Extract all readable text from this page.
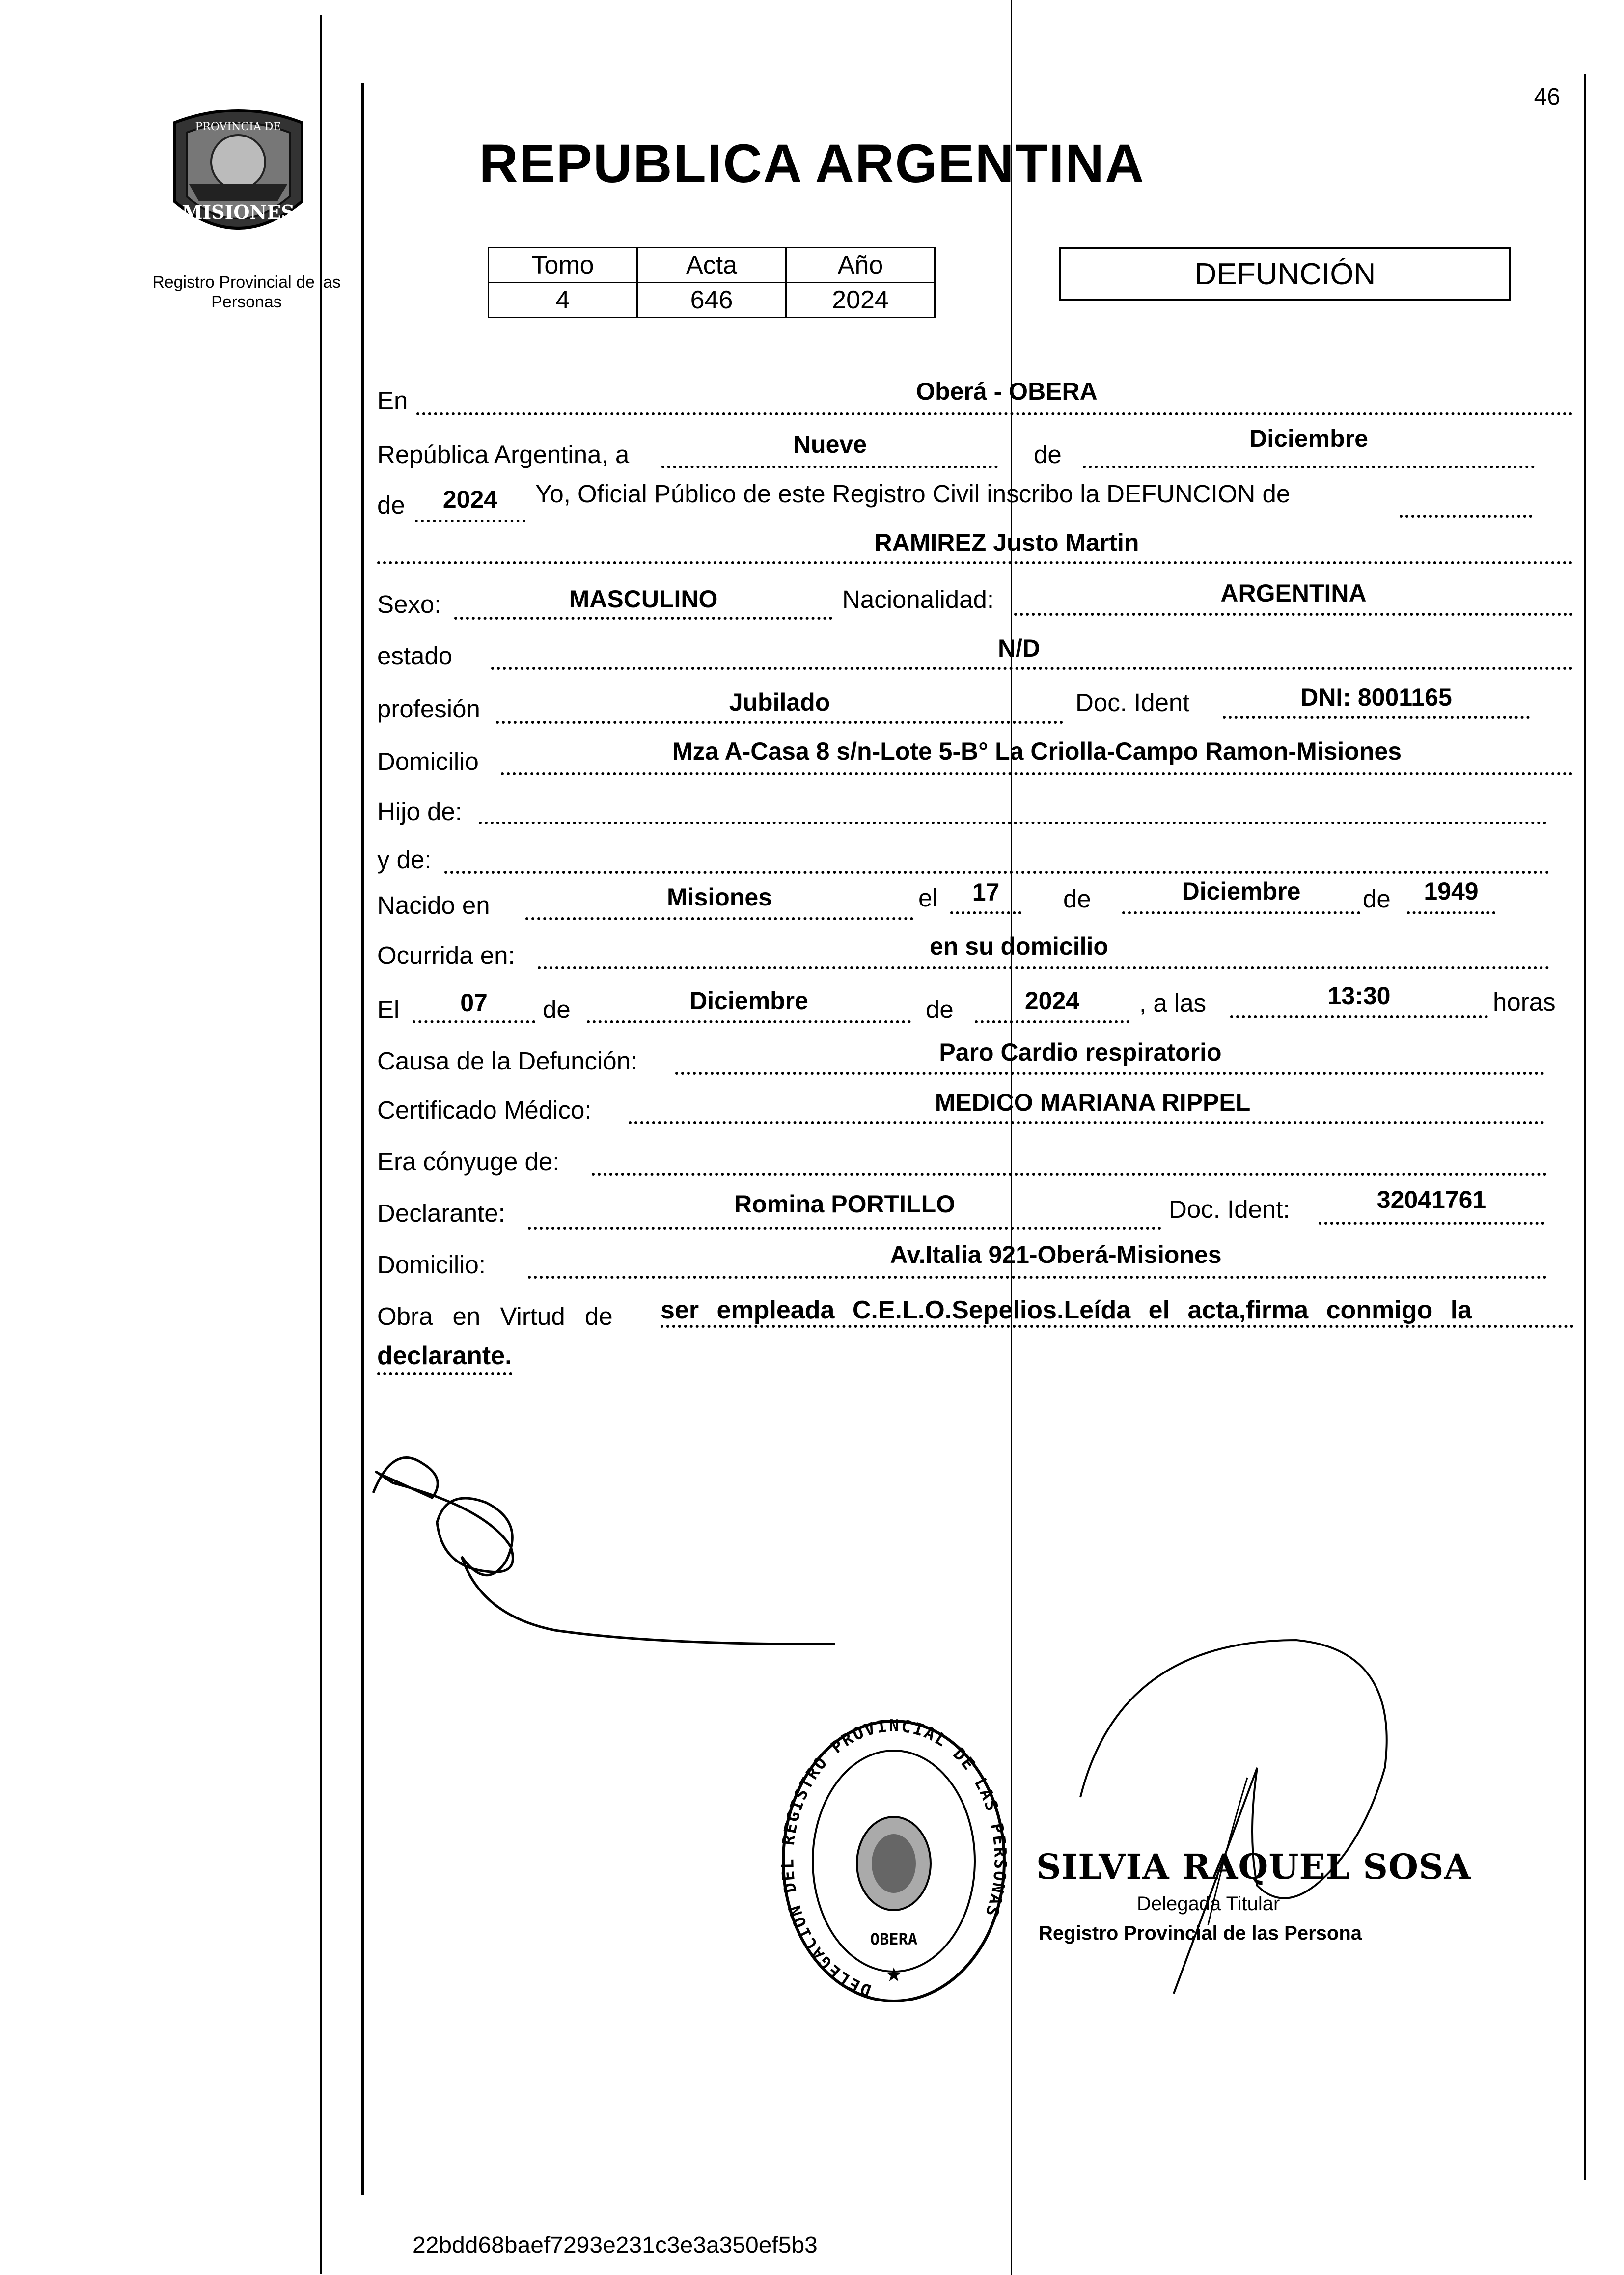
46
MISIONES
PROVINCIA DE
Registro Provincial de las Personas
REPUBLICA ARGENTINA
Tomo	Acta	Año
4	646	2024
DEFUNCIÓN
En	Oberá - OBERA
República Argentina, a	Nueve	de
Diciembre
de	2024	Yo, Oficial Público de este Registro Civil inscribo la DEFUNCION de
RAMIREZ Justo Martin
Sexo:	MASCULINO	Nacionalidad:	ARGENTINA
estado	N/D
profesión	Jubilado	Doc. Ident	DNI: 8001165
Domicilio	Mza A-Casa 8 s/n-Lote 5-B° La Criolla-Campo Ramon-Misiones
Hijo de:
y de:
Nacido en	Misiones	el	17	de	Diciembre	de	1949
Ocurrida en:	en su domicilio
El	07	de	Diciembre	de	2024	, a las	13:30	horas
Causa de la Defunción:	Paro Cardio respiratorio
Certificado Médico:	MEDICO MARIANA RIPPEL
Era cónyuge de:
Declarante:	Romina PORTILLO	Doc. Ident:	32041761
Domicilio:	Av.Italia 921-Oberá-Misiones
Obra en Virtud de ser empleada C.E.L.O.Sepelios.Leída el acta,firma conmigo la
declarante.
DELEGACION DEL REGISTRO PROVINCIAL DE LAS PERSONAS
OBERA
★
SILVIA RAQUEL SOSA
Delegada Titular
Registro Provincial de las Persona
22bdd68baef7293e231c3e3a350ef5b3
